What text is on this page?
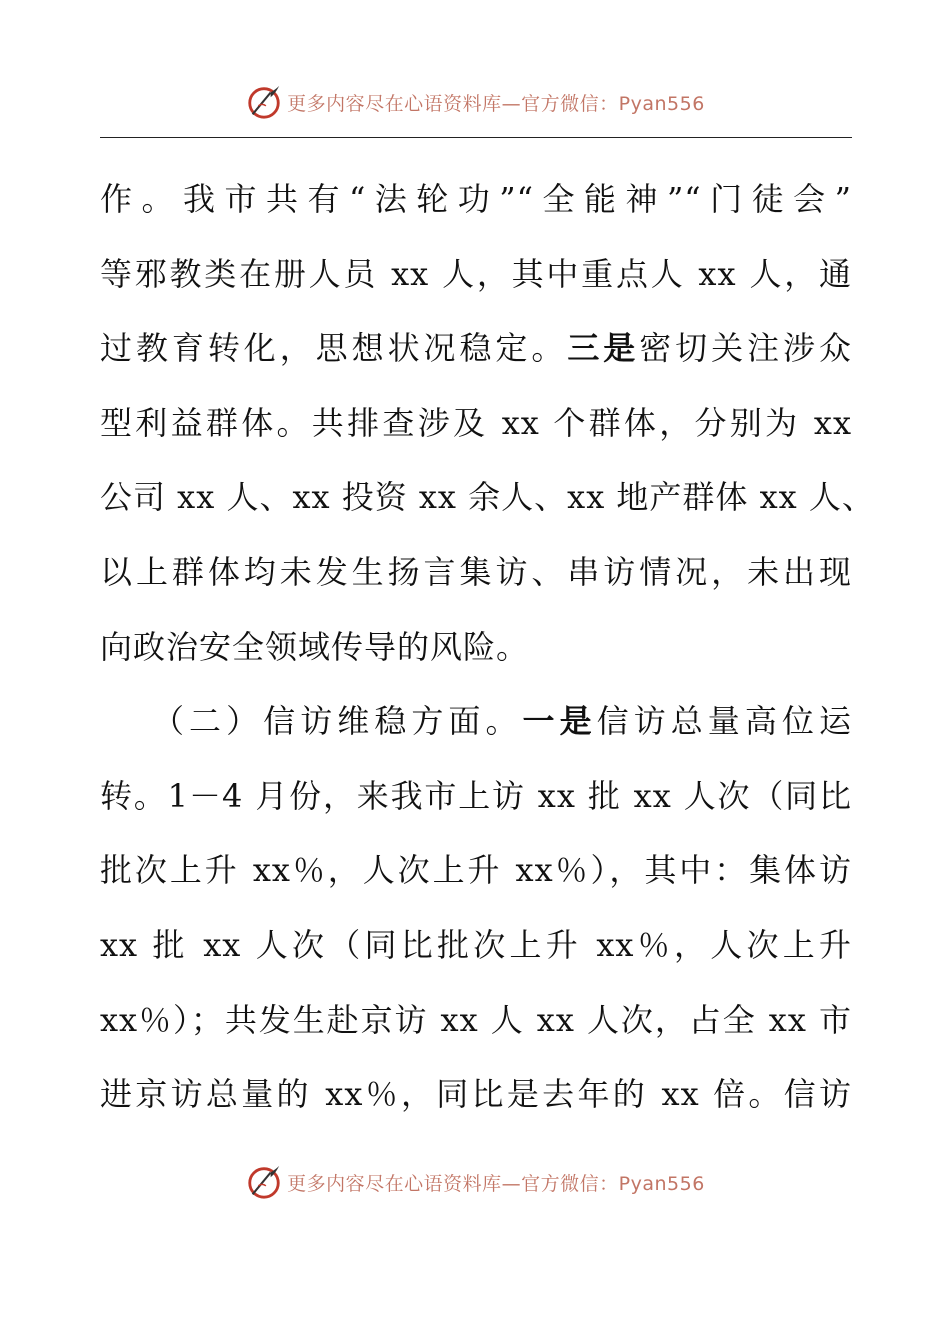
更多内容尽在心语资料库—官方微信：Pyan556
作。我市共有“法轮功”“全能神”“门徒会”
等邪教类在册人员 xx 人，其中重点人 xx 人，通
过教育转化，思想状况稳定。三是密切关注涉众
型利益群体。共排查涉及 xx 个群体，分别为 xx
公司 xx 人、xx 投资 xx 余人、xx 地产群体 xx 人、
以上群体均未发生扬言集访、串访情况，未出现
向政治安全领域传导的风险。
（二）信访维稳方面。一是信访总量高位运
转。1－4 月份，来我市上访 xx 批 xx 人次（同比
批次上升 xx％，人次上升 xx％），其中：集体访
xx 批 xx 人次（同比批次上升 xx％，人次上升
xx％）；共发生赴京访 xx 人 xx 人次，占全 xx 市
进京访总量的 xx％，同比是去年的 xx 倍。信访
更多内容尽在心语资料库—官方微信：Pyan556
